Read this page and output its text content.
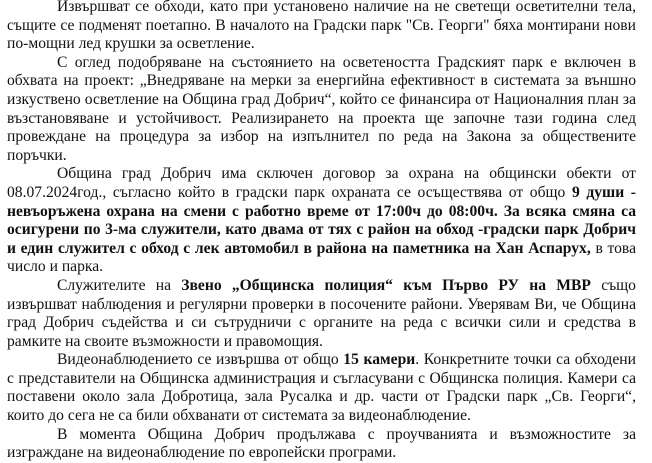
Извършват се обходи, като при установено наличие на не светещи осветителни тела, същите се подменят поетапно. В началото на Градски парк "Св. Георги" бяха монтирани нови по-мощни лед крушки за осветление.

С оглед подобряване на състоянието на осветеността Градският парк е включен в обхвата на проект: „Внедряване на мерки за енергийна ефективност в системата за външно изкуствено осветление на Община град Добрич“, който се финансира от Националния план за възстановяване и устойчивост. Реализирането на проекта ще започне тази година след провеждане на процедура за избор на изпълнител по реда на Закона за обществените поръчки.

Община град Добрич има сключен договор за охрана на общински обекти от 08.07.2024год., съгласно който в градски парк охраната се осъществява от общо 9 души - невъоръжена охрана на смени с работно време от 17:00ч до 08:00ч. За всяка смяна са осигурени по 3-ма служители, като двама от тях с район на обход -градски парк Добрич и един служител с обход с лек автомобил в района на паметника на Хан Аспарух, в това число и парка.

Служителите на Звено „Общинска полиция“ към Първо РУ на МВР също извършват наблюдения и регулярни проверки в посочените райони. Уверявам Ви, че Община град Добрич съдейства и си сътрудничи с органите на реда с всички сили и средства в рамките на своите възможности и правомощия.

Видеонаблюдението се извършва от общо 15 камери. Конкретните точки са обходени с представители на Общинска администрация и съгласувани с Общинска полиция. Камери са поставени около зала Добротица, зала Русалка и др. части от Градски парк „Св. Георги“, които до сега не са били обхванати от системата за видеонаблюдение.

В момента Община Добрич продължава с проучванията и възможностите за изграждане на видеонаблюдение по европейски програми.
